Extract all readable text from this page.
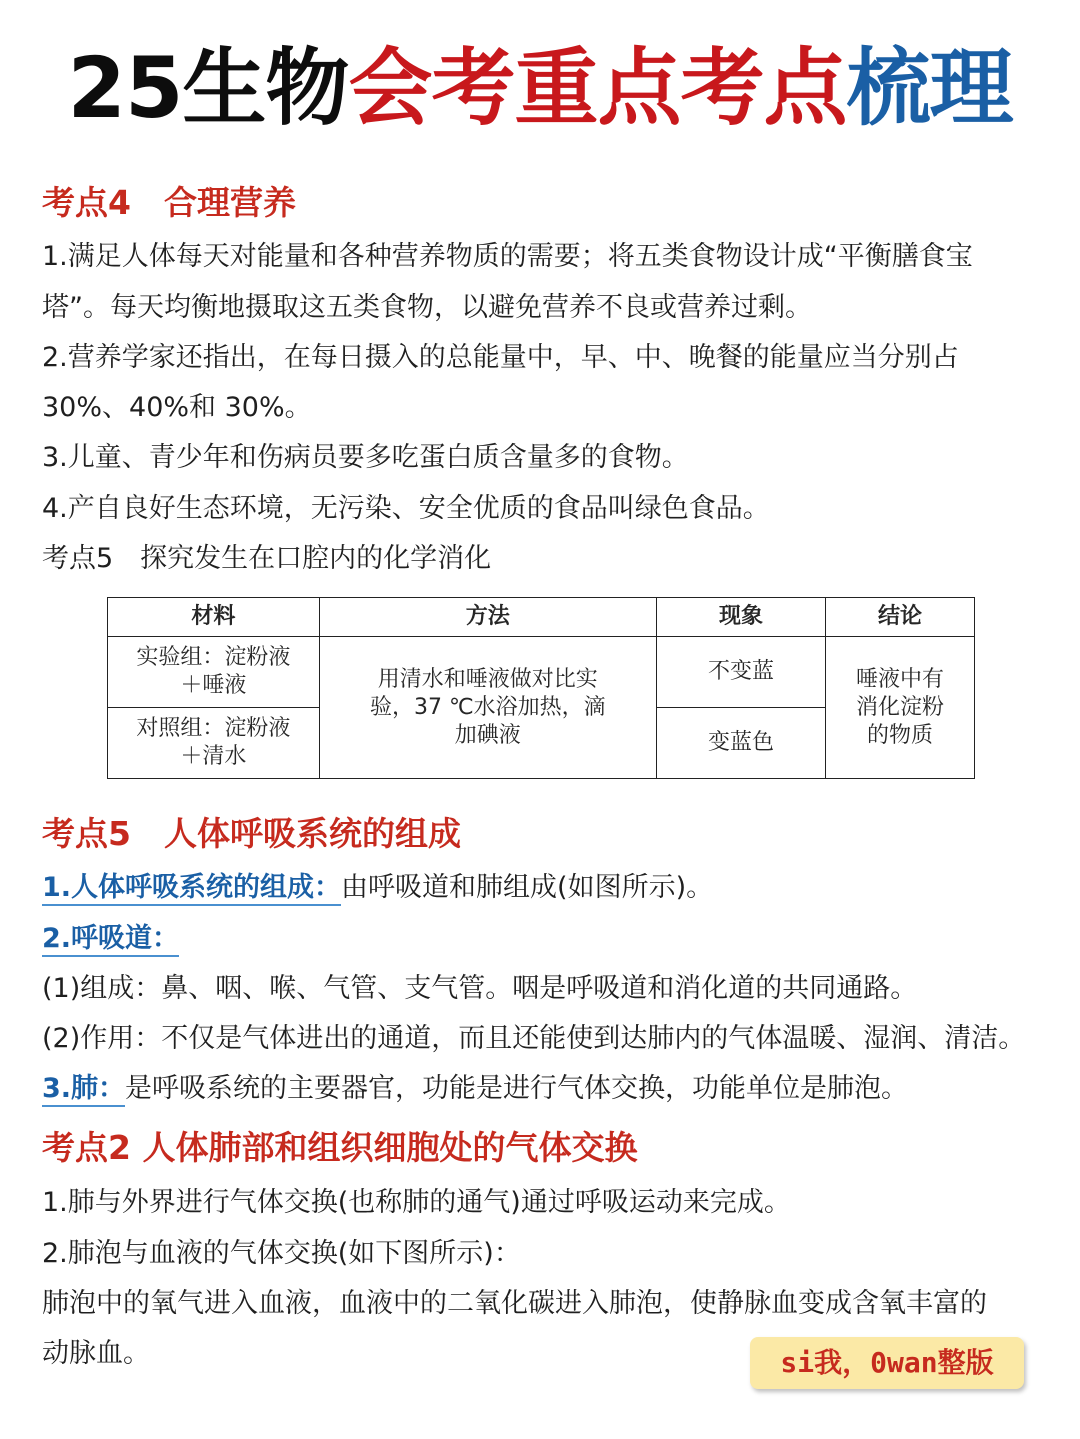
25生物会考重点考点梳理
考点4　合理营养
1.满足人体每天对能量和各种营养物质的需要；将五类食物设计成“平衡膳食宝
塔”。每天均衡地摄取这五类食物，以避免营养不良或营养过剩。
2.营养学家还指出，在每日摄入的总能量中，早、中、晚餐的能量应当分别占
30%、40%和 30%。
3.儿童、青少年和伤病员要多吃蛋白质含量多的食物。
4.产自良好生态环境，无污染、安全优质的食品叫绿色食品。
考点5　探究发生在口腔内的化学消化
材料	方法	现象	结论
实验组：淀粉液＋唾液	用清水和唾液做对比实验，37 ℃水浴加热，滴加碘液	不变蓝	唾液中有消化淀粉的物质
对照组：淀粉液＋清水		变蓝色	
考点5　人体呼吸系统的组成
1.人体呼吸系统的组成：由呼吸道和肺组成(如图所示)。
2.呼吸道：
(1)组成：鼻、咽、喉、气管、支气管。咽是呼吸道和消化道的共同通路。
(2)作用：不仅是气体进出的通道，而且还能使到达肺内的气体温暖、湿润、清洁。
3.肺：是呼吸系统的主要器官，功能是进行气体交换，功能单位是肺泡。
考点2 人体肺部和组织细胞处的气体交换
1.肺与外界进行气体交换(也称肺的通气)通过呼吸运动来完成。
2.肺泡与血液的气体交换(如下图所示)：
肺泡中的氧气进入血液，血液中的二氧化碳进入肺泡，使静脉血变成含氧丰富的
动脉血。	si我，0wan整版
